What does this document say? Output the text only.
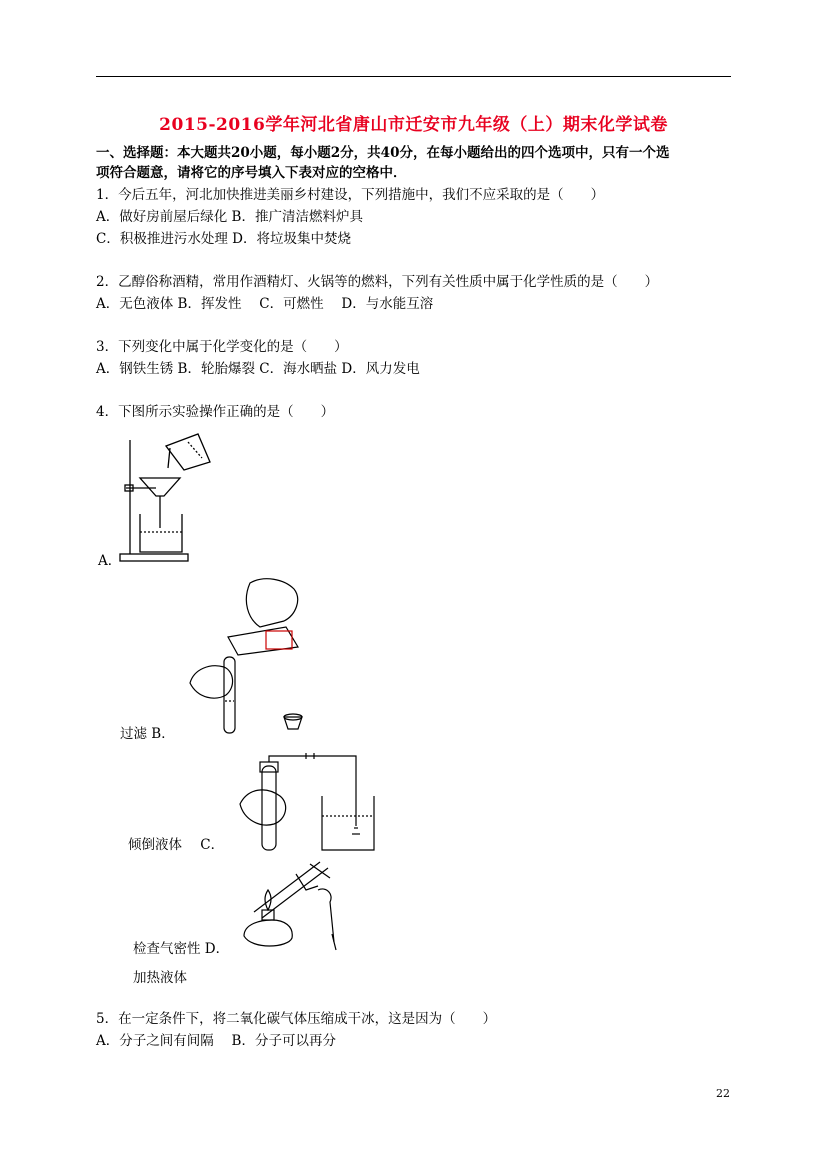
2015-2016学年河北省唐山市迁安市九年级（上）期末化学试卷
一、选择题：本大题共20小题，每小题2分，共40分，在每小题给出的四个选项中，只有一个选
项符合题意，请将它的序号填入下表对应的空格中．
1．今后五年，河北加快推进美丽乡村建设，下列措施中，我们不应采取的是（　　）
A．做好房前屋后绿化 B．推广清洁燃料炉具
C．积极推进污水处理 D．将垃圾集中焚烧
2．乙醇俗称酒精，常用作酒精灯、火锅等的燃料，下列有关性质中属于化学性质的是（　　）
A．无色液体 B．挥发性　 C．可燃性　 D．与水能互溶
3．下列变化中属于化学变化的是（　　）
A．钢铁生锈 B．轮胎爆裂 C．海水晒盐 D．风力发电
4．下图所示实验操作正确的是（　　）
A．
过滤 B．
倾倒液体 C．
检查气密性 D．
加热液体
5．在一定条件下，将二氧化碳气体压缩成干冰，这是因为（　　）
A．分子之间有间隔　 B．分子可以再分
22
